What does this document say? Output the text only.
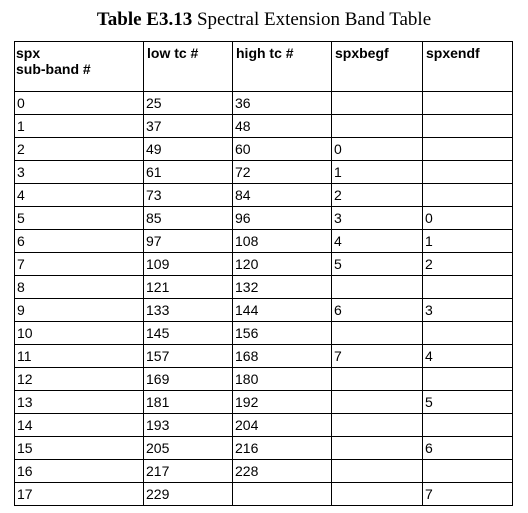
Table E3.13 Spectral Extension Band Table
spx
sub-band #	low tc #	high tc #	spxbegf	spxendf

0	25	36		
1	37	48		
2	49	60	0	
3	61	72	1	
4	73	84	2	
5	85	96	3	0
6	97	108	4	1
7	109	120	5	2
8	121	132		
9	133	144	6	3
10	145	156		
11	157	168	7	4
12	169	180		
13	181	192		5
14	193	204		
15	205	216		6
16	217	228		
17	229			7
